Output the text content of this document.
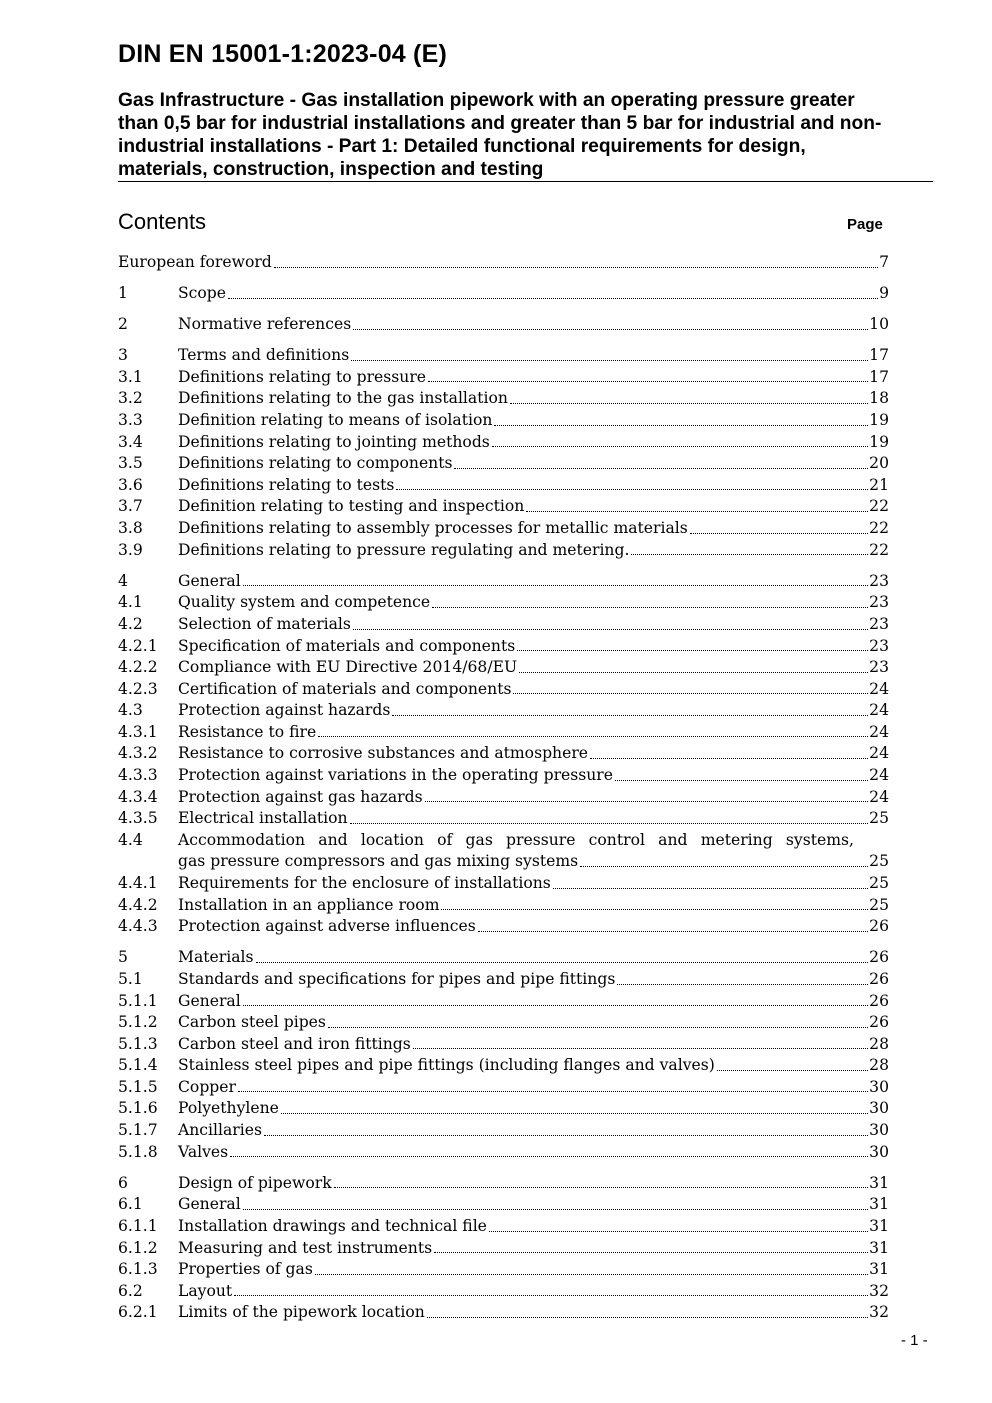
DIN EN 15001-1:2023-04 (E)
Gas Infrastructure - Gas installation pipework with an operating pressure greater
than 0,5 bar for industrial installations and greater than 5 bar for industrial and non-
industrial installations - Part 1: Detailed functional requirements for design,
materials, construction, inspection and testing
Contents	Page
European foreword	7
1	Scope	9
2	Normative references	10
3	Terms and definitions	17
3.1	Definitions relating to pressure	17
3.2	Definitions relating to the gas installation	18
3.3	Definition relating to means of isolation	19
3.4	Definitions relating to jointing methods	19
3.5	Definitions relating to components	20
3.6	Definitions relating to tests	21
3.7	Definition relating to testing and inspection	22
3.8	Definitions relating to assembly processes for metallic materials	22
3.9	Definitions relating to pressure regulating and metering.	22
4	General	23
4.1	Quality system and competence	23
4.2	Selection of materials	23
4.2.1	Specification of materials and components	23
4.2.2	Compliance with EU Directive 2014/68/EU	23
4.2.3	Certification of materials and components	24
4.3	Protection against hazards	24
4.3.1	Resistance to fire	24
4.3.2	Resistance to corrosive substances and atmosphere	24
4.3.3	Protection against variations in the operating pressure	24
4.3.4	Protection against gas hazards	24
4.3.5	Electrical installation	25
4.4	Accommodation and location of gas pressure control and metering systems,
gas pressure compressors and gas mixing systems	25
4.4.1	Requirements for the enclosure of installations	25
4.4.2	Installation in an appliance room	25
4.4.3	Protection against adverse influences	26
5	Materials	26
5.1	Standards and specifications for pipes and pipe fittings	26
5.1.1	General	26
5.1.2	Carbon steel pipes	26
5.1.3	Carbon steel and iron fittings	28
5.1.4	Stainless steel pipes and pipe fittings (including flanges and valves)	28
5.1.5	Copper	30
5.1.6	Polyethylene	30
5.1.7	Ancillaries	30
5.1.8	Valves	30
6	Design of pipework	31
6.1	General	31
6.1.1	Installation drawings and technical file	31
6.1.2	Measuring and test instruments	31
6.1.3	Properties of gas	31
6.2	Layout	32
6.2.1	Limits of the pipework location	32
- 1 -
